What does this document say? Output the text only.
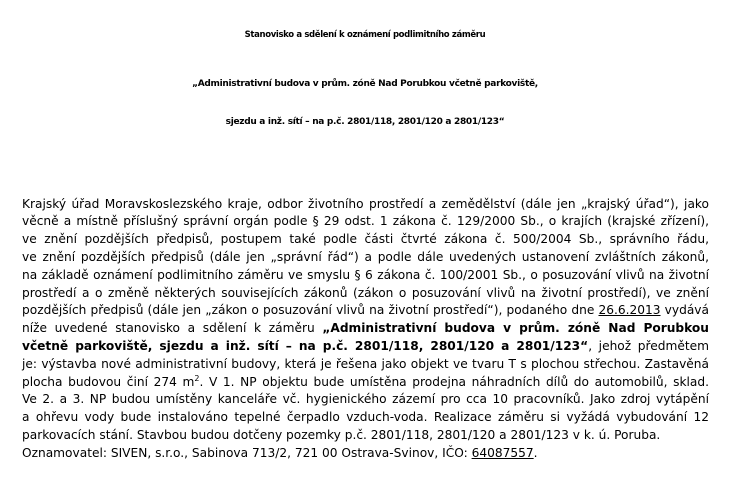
Stanovisko a sdělení k oznámení podlimitního záměru
„Administrativní budova v prům. zóně Nad Porubkou včetně parkoviště,
sjezdu a inž. sítí – na p.č. 2801/118, 2801/120 a 2801/123“
Krajský úřad Moravskoslezského kraje, odbor životního prostředí a zemědělství (dále jen „krajský úřad“), jako
věcně a místně příslušný správní orgán podle § 29 odst. 1 zákona č. 129/2000 Sb., o krajích (krajské zřízení),
ve znění pozdějších předpisů, postupem také podle části čtvrté zákona č. 500/2004 Sb., správního řádu,
ve znění pozdějších předpisů (dále jen „správní řád“) a podle dále uvedených ustanovení zvláštních zákonů,
na základě oznámení podlimitního záměru ve smyslu § 6 zákona č. 100/2001 Sb., o posuzování vlivů na životní
prostředí a o změně některých souvisejících zákonů (zákon o posuzování vlivů na životní prostředí), ve znění
pozdějších předpisů (dále jen „zákon o posuzování vlivů na životní prostředí“), podaného dne 26.6.2013 vydává
níže uvedené stanovisko a sdělení k záměru „Administrativní budova v prům. zóně Nad Porubkou
včetně parkoviště, sjezdu a inž. sítí – na p.č. 2801/118, 2801/120 a 2801/123“, jehož předmětem
je: výstavba nové administrativní budovy, která je řešena jako objekt ve tvaru T s plochou střechou. Zastavěná
plocha budovou činí 274 $m^2$. V 1. NP objektu bude umístěna prodejna náhradních dílů do automobilů, sklad.
Ve 2. a 3. NP budou umístěny kanceláře vč. hygienického zázemí pro cca 10 pracovníků. Jako zdroj vytápění
a ohřevu vody bude instalováno tepelné čerpadlo vzduch-voda. Realizace záměru si vyžádá vybudování 12
parkovacích stání. Stavbou budou dotčeny pozemky p.č. 2801/118, 2801/120 a 2801/123 v k. ú. Poruba.
Oznamovatel: SIVEN, s.r.o., Sabinova 713/2, 721 00 Ostrava-Svinov, IČO: 64087557.
